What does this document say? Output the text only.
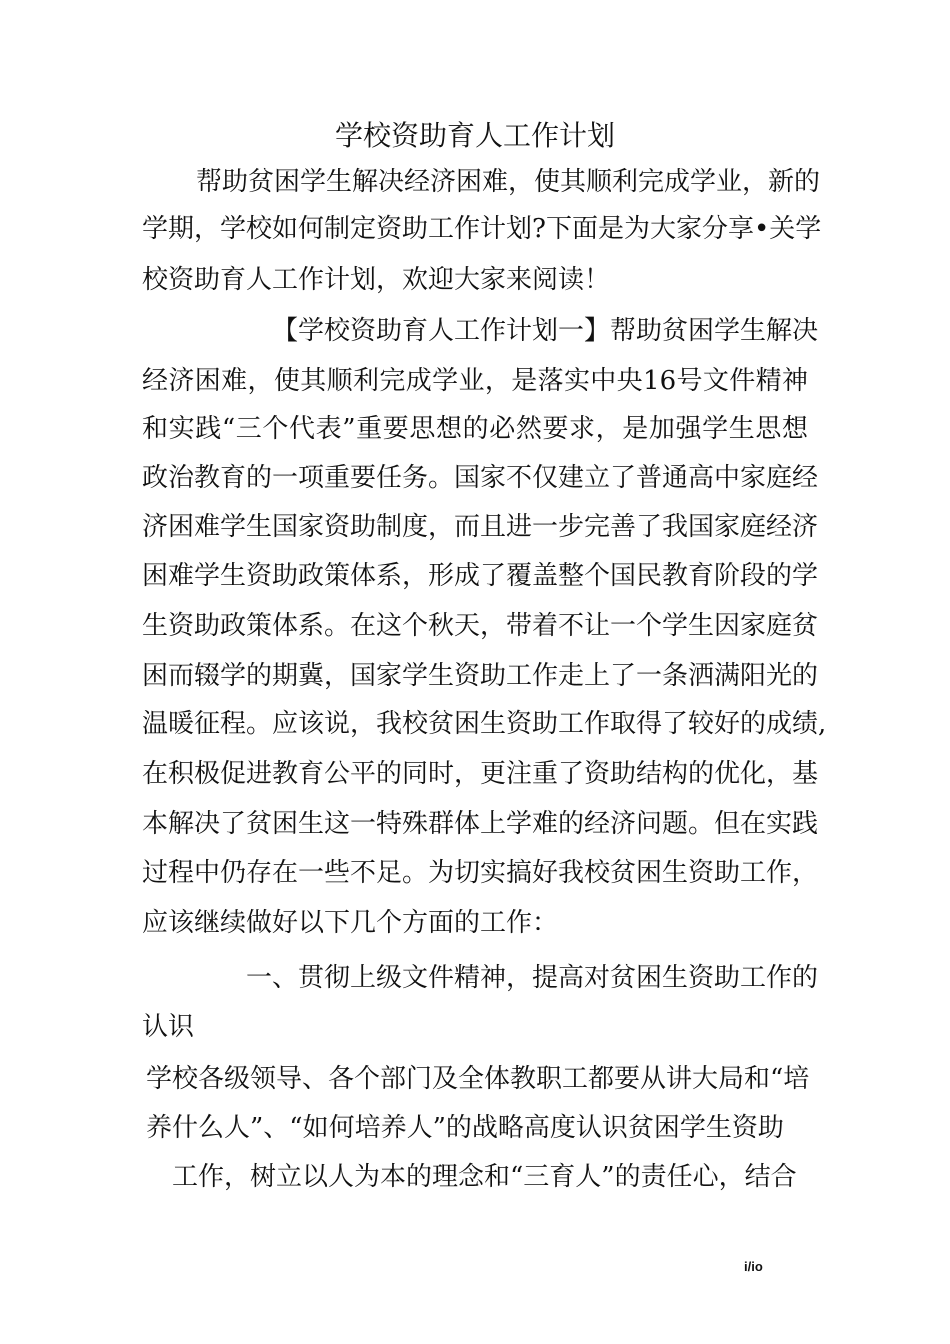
学校资助育人工作计划

帮助贫困学生解决经济困难，使其顺利完成学业，新的

学期，学校如何制定资助工作计划?下面是为大家分享•关学

校资助育人工作计划，欢迎大家来阅读！

【学校资助育人工作计划一】帮助贫困学生解决

经济困难，使其顺利完成学业，是落实中央16号文件精神

和实践“三个代表”重要思想的必然要求，是加强学生思想

政治教育的一项重要任务。国家不仅建立了普通高中家庭经

济困难学生国家资助制度，而且进一步完善了我国家庭经济

困难学生资助政策体系，形成了覆盖整个国民教育阶段的学

生资助政策体系。在这个秋天，带着不让一个学生因家庭贫

困而辍学的期冀，国家学生资助工作走上了一条洒满阳光的

温暖征程。应该说，我校贫困生资助工作取得了较好的成绩,

在积极促进教育公平的同时，更注重了资助结构的优化，基

本解决了贫困生这一特殊群体上学难的经济问题。但在实践

过程中仍存在一些不足。为切实搞好我校贫困生资助工作，

应该继续做好以下几个方面的工作：

一、贯彻上级文件精神，提高对贫困生资助工作的

认识

学校各级领导、各个部门及全体教职工都要从讲大局和“培

养什么人”、“如何培养人”的战略高度认识贫困学生资助

工作，树立以人为本的理念和“三育人”的责任心，结合

i/io
